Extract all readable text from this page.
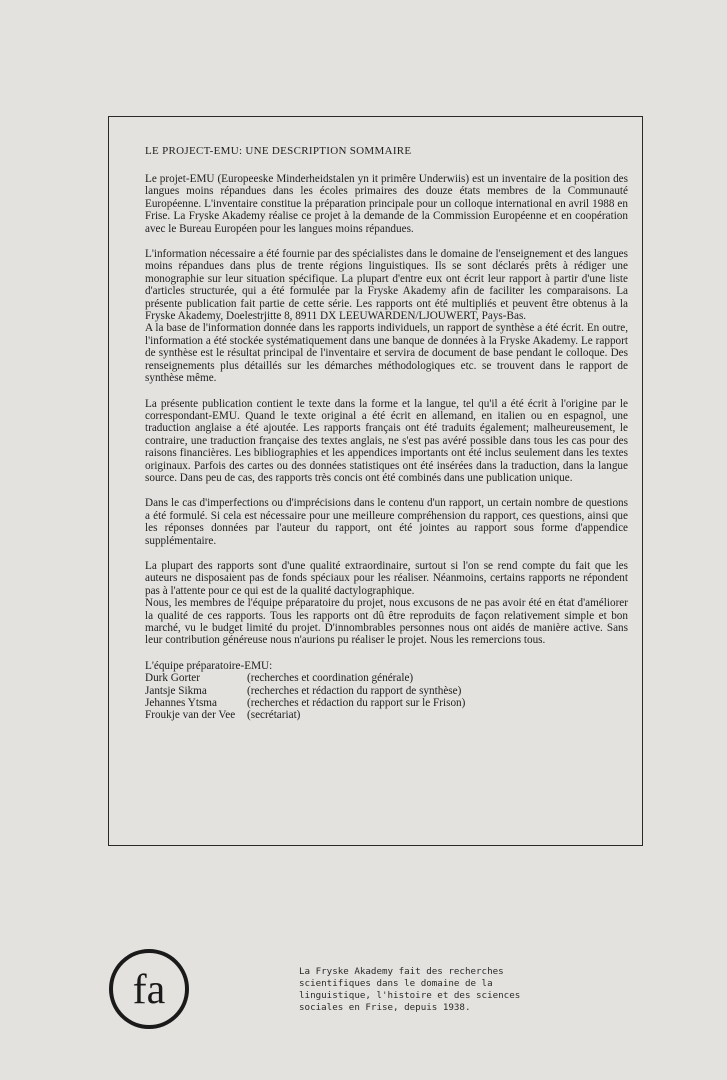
LE PROJECT-EMU: UNE DESCRIPTION SOMMAIRE

Le projet-EMU (Europeeske Minderheidstalen yn it primêre Underwiis) est un inventaire de la position des langues moins répandues dans les écoles primaires des douze états membres de la Communauté Européenne. L'inventaire constitue la préparation principale pour un colloque international en avril 1988 en Frise. La Fryske Akademy réalise ce projet à la demande de la Commission Européenne et en coopération avec le Bureau Européen pour les langues moins répandues.

L'information nécessaire a été fournie par des spécialistes dans le domaine de l'enseignement et des langues moins répandues dans plus de trente régions linguistiques. Ils se sont déclarés prêts à rédiger une monographie sur leur situation spécifique. La plupart d'entre eux ont écrit leur rapport à partir d'une liste d'articles structurée, qui a été formulée par la Fryske Akademy afin de faciliter les comparaisons. La présente publication fait partie de cette série. Les rapports ont été multipliés et peuvent être obtenus à la Fryske Akademy, Doelestrjitte 8, 8911 DX LEEUWARDEN/LJOUWERT, Pays-Bas.

A la base de l'information donnée dans les rapports individuels, un rapport de synthèse a été écrit. En outre, l'information a été stockée systématiquement dans une banque de données à la Fryske Akademy. Le rapport de synthèse est le résultat principal de l'inventaire et servira de document de base pendant le colloque. Des renseignements plus détaillés sur les démarches méthodologiques etc. se trouvent dans le rapport de synthèse même.

La présente publication contient le texte dans la forme et la langue, tel qu'il a été écrit à l'origine par le correspondant-EMU. Quand le texte original a été écrit en allemand, en italien ou en espagnol, une traduction anglaise a été ajoutée. Les rapports français ont été traduits également; malheureusement, le contraire, une traduction française des textes anglais, ne s'est pas avéré possible dans tous les cas pour des raisons financières. Les bibliographies et les appendices importants ont été inclus seulement dans les textes originaux. Parfois des cartes ou des données statistiques ont été insérées dans la traduction, dans la langue source. Dans peu de cas, des rapports très concis ont été combinés dans une publication unique.

Dans le cas d'imperfections ou d'imprécisions dans le contenu d'un rapport, un certain nombre de questions a été formulé. Si cela est nécessaire pour une meilleure compréhension du rapport, ces questions, ainsi que les réponses données par l'auteur du rapport, ont été jointes au rapport sous forme d'appendice supplémentaire.

La plupart des rapports sont d'une qualité extraordinaire, surtout si l'on se rend compte du fait que les auteurs ne disposaient pas de fonds spéciaux pour les réaliser. Néanmoins, certains rapports ne répondent pas à l'attente pour ce qui est de la qualité dactylographique.

Nous, les membres de l'équipe préparatoire du projet, nous excusons de ne pas avoir été en état d'améliorer la qualité de ces rapports. Tous les rapports ont dû être reproduits de façon relativement simple et bon marché, vu le budget limité du projet. D'innombrables personnes nous ont aidés de manière active. Sans leur contribution généreuse nous n'aurions pu réaliser le projet. Nous les remercions tous.

L'équipe préparatoire-EMU:
Durk Gorter	(recherches et coordination générale)
Jantsje Sikma	(recherches et rédaction du rapport de synthèse)
Jehannes Ytsma	(recherches et rédaction du rapport sur le Frison)
Froukje van der Vee	(secrétariat)
fa	La Fryske Akademy fait des recherches
scientifiques dans le domaine de la
linguistique, l'histoire et des sciences
sociales en Frise, depuis 1938.
